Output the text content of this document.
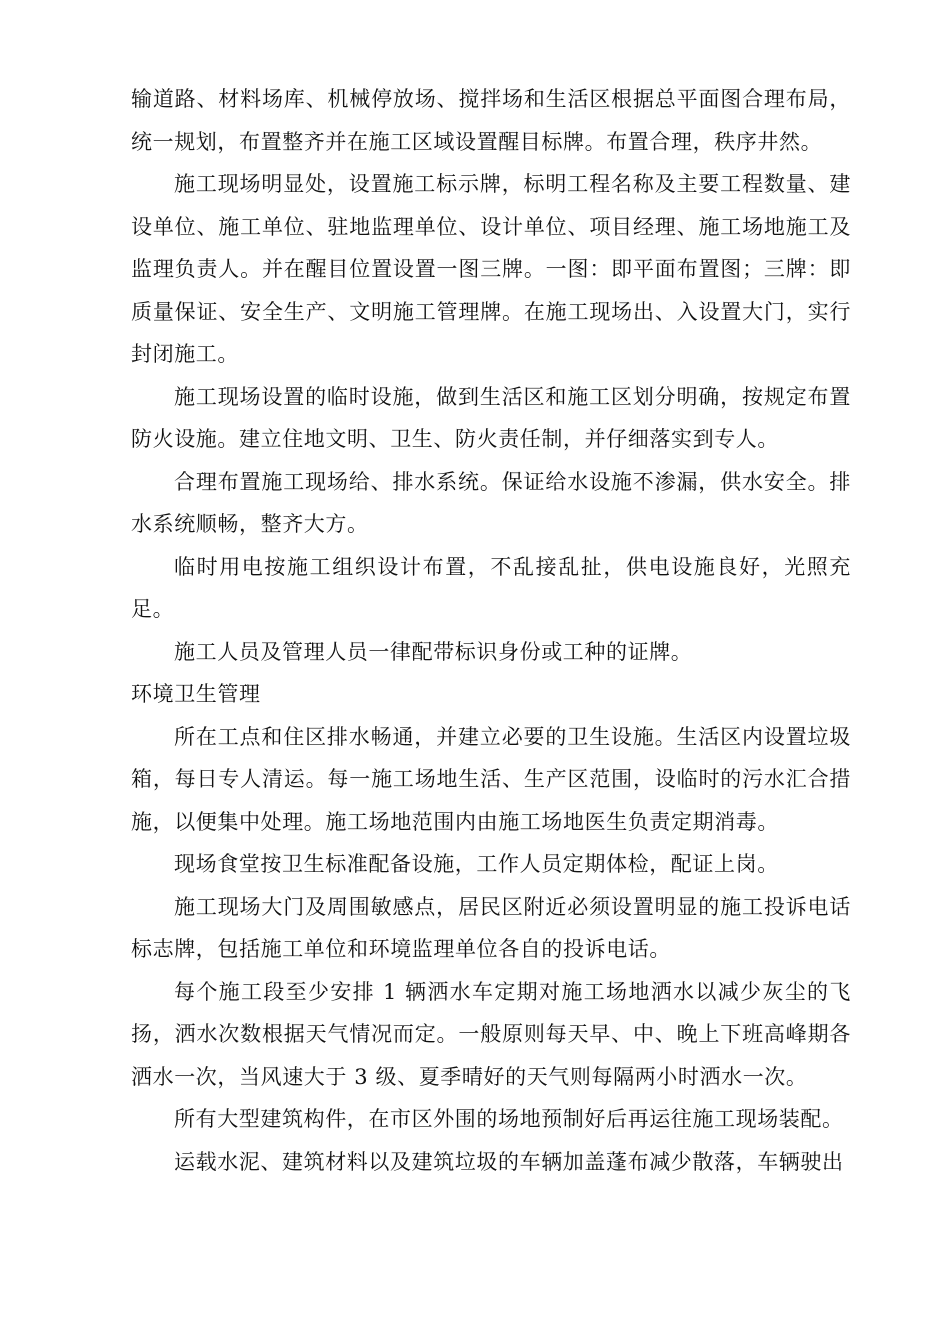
输道路、材料场库、机械停放场、搅拌场和生活区根据总平面图合理布局，统一规划，布置整齐并在施工区域设置醒目标牌。布置合理，秩序井然。

施工现场明显处，设置施工标示牌，标明工程名称及主要工程数量、建设单位、施工单位、驻地监理单位、设计单位、项目经理、施工场地施工及监理负责人。并在醒目位置设置一图三牌。一图：即平面布置图；三牌：即质量保证、安全生产、文明施工管理牌。在施工现场出、入设置大门，实行封闭施工。

施工现场设置的临时设施，做到生活区和施工区划分明确，按规定布置防火设施。建立住地文明、卫生、防火责任制，并仔细落实到专人。

合理布置施工现场给、排水系统。保证给水设施不渗漏，供水安全。排水系统顺畅，整齐大方。

临时用电按施工组织设计布置，不乱接乱扯，供电设施良好，光照充足。

施工人员及管理人员一律配带标识身份或工种的证牌。

环境卫生管理

所在工点和住区排水畅通，并建立必要的卫生设施。生活区内设置垃圾箱，每日专人清运。每一施工场地生活、生产区范围，设临时的污水汇合措施，以便集中处理。施工场地范围内由施工场地医生负责定期消毒。

现场食堂按卫生标准配备设施，工作人员定期体检，配证上岗。

施工现场大门及周围敏感点，居民区附近必须设置明显的施工投诉电话标志牌，包括施工单位和环境监理单位各自的投诉电话。

每个施工段至少安排 1 辆洒水车定期对施工场地洒水以减少灰尘的飞扬，洒水次数根据天气情况而定。一般原则每天早、中、晚上下班高峰期各洒水一次，当风速大于 3 级、夏季晴好的天气则每隔两小时洒水一次。

所有大型建筑构件，在市区外围的场地预制好后再运往施工现场装配。

运载水泥、建筑材料以及建筑垃圾的车辆加盖蓬布减少散落，车辆驶出
